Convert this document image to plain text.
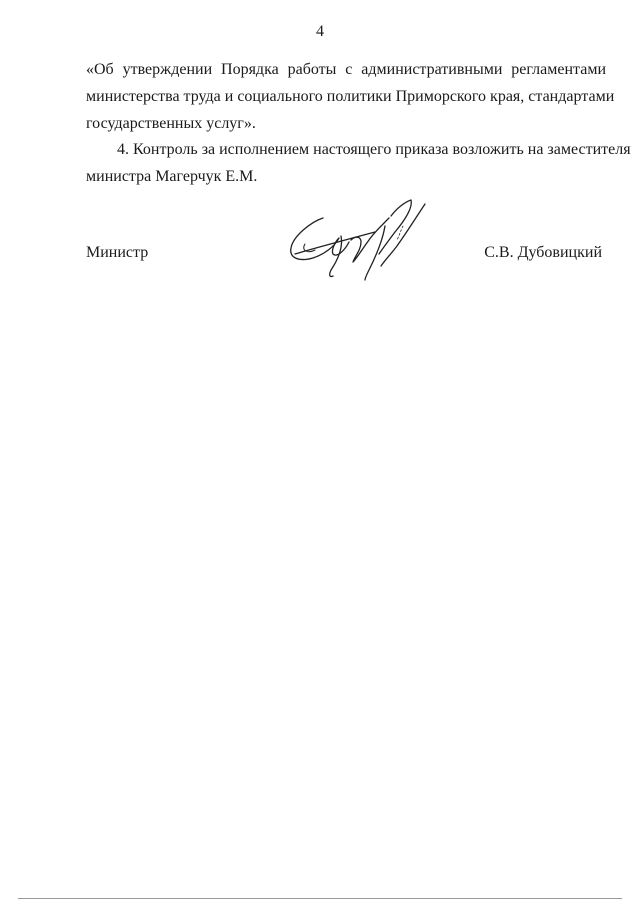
4
«Об утверждении Порядка работы с административными регламентами
министерства труда и социального политики Приморского края, стандартами
государственных услуг».
4. Контроль за исполнением настоящего приказа возложить на заместителя
министра Магерчук Е.М.
Министр	С.В. Дубовицкий
